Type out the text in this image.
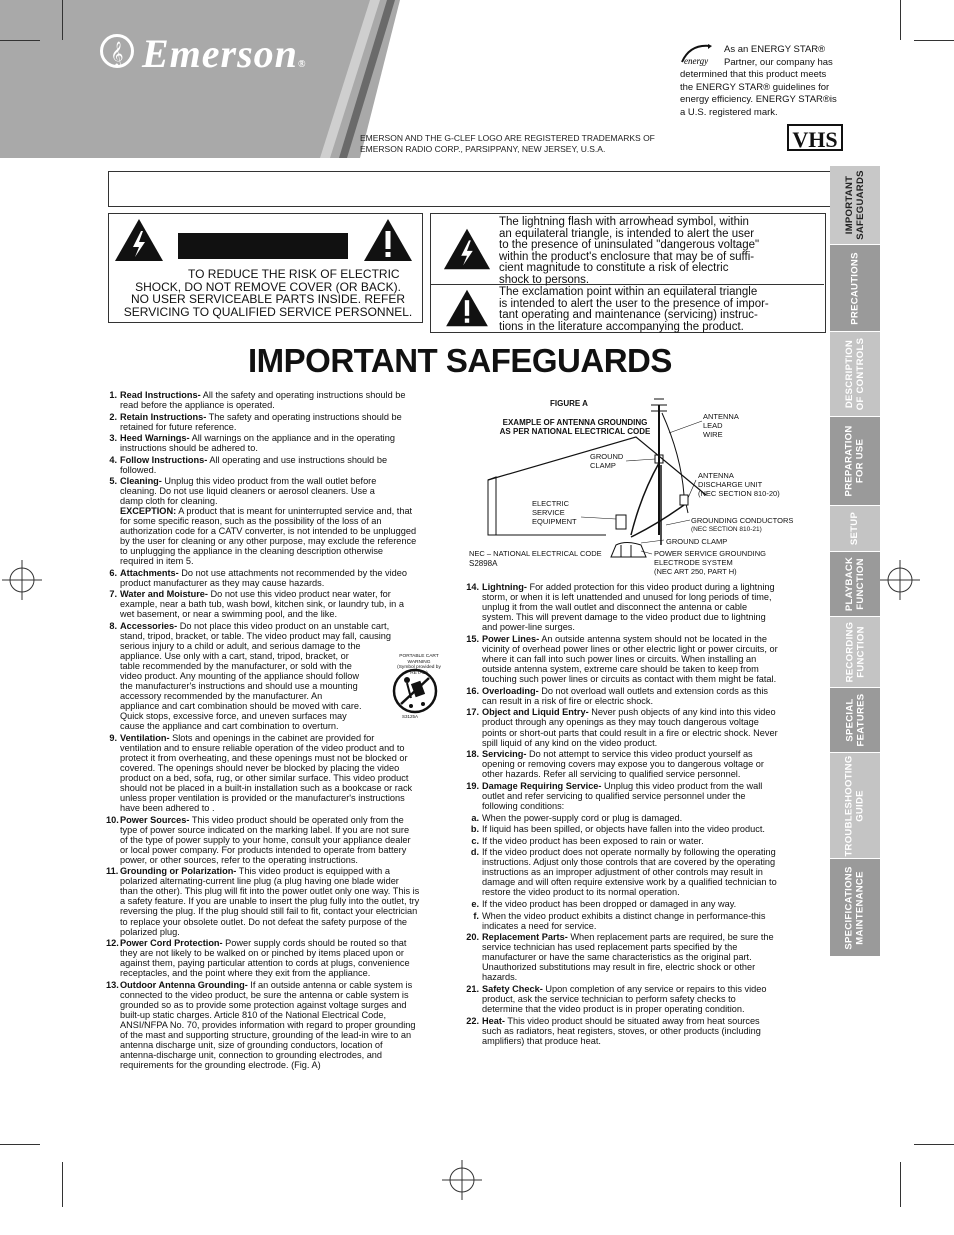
𝄞 Emerson®
EMERSON AND THE G-CLEF LOGO ARE REGISTERED TRADEMARKS OF
EMERSON RADIO CORP., PARSIPPANY, NEW JERSEY, U.S.A.
energy
As an ENERGY STAR®
Partner, our company has
determined that this product meets
the ENERGY STAR® guidelines for
energy efficiency. ENERGY STAR®is
a U.S. registered mark.
VHS
TO REDUCE THE RISK OF ELECTRIC
SHOCK, DO NOT REMOVE COVER (OR BACK).
NO USER SERVICEABLE PARTS INSIDE. REFER
SERVICING TO QUALIFIED SERVICE PERSONNEL.
The lightning flash with arrowhead symbol, within
an equilateral triangle, is intended to alert the user
to the presence of uninsulated "dangerous voltage"
within the product's enclosure that may be of suffi-
cient magnitude to constitute a risk of electric
shock to persons.
The exclamation point within an equilateral triangle
is intended to alert the user to the presence of impor-
tant operating and maintenance (servicing) instruc-
tions in the literature accompanying the product.
IMPORTANT SAFEGUARDS
1. Read Instructions- All the safety and operating instructions should be
read before the appliance is operated.
2. Retain Instructions- The safety and operating instructions should be
retained for future reference.
3. Heed Warnings- All warnings on the appliance and in the operating
instructions should be adhered to.
4. Follow Instructions- All operating and use instructions should be
followed.
5. Cleaning- Unplug this video product from the wall outlet before
cleaning. Do not use liquid cleaners or aerosol cleaners. Use a
damp cloth for cleaning.
EXCEPTION: A product that is meant for uninterrupted service and, that
for some specific reason, such as the possibility of the loss of an
authorization code for a CATV converter, is not intended to be unplugged
by the user for cleaning or any other purpose, may exclude the reference
to unplugging the appliance in the cleaning description otherwise
required in item 5.
6. Attachments- Do not use attachments not recommended by the video
product manufacturer as they may cause hazards.
7. Water and Moisture- Do not use this video product near water, for
example, near a bath tub, wash bowl, kitchen sink, or laundry tub, in a
wet basement, or near a swimming pool, and the like.
8. Accessories- Do not place this video product on an unstable cart,
stand, tripod, bracket, or table. The video product may fall, causing
serious injury to a child or adult, and serious damage to the
appliance. Use only with a cart, stand, tripod, bracket, or
table recommended by the manufacturer, or sold with the
video product. Any mounting of the appliance should follow
the manufacturer's instructions and should use a mounting
accessory recommended by the manufacturer. An
appliance and cart combination should be moved with care.
Quick stops, excessive force, and uneven surfaces may
cause the appliance and cart combination to overturn.
9. Ventilation- Slots and openings in the cabinet are provided for
ventilation and to ensure reliable operation of the video product and to
protect it from overheating, and these openings must not be blocked or
covered. The openings should never be blocked by placing the video
product on a bed, sofa, rug, or other similar surface. This video product
should not be placed in a built-in installation such as a bookcase or rack
unless proper ventilation is provided or the manufacturer's instructions
have been adhered to .
10. Power Sources- This video product should be operated only from the
type of power source indicated on the marking label. If you are not sure
of the type of power supply to your home, consult your appliance dealer
or local power company. For products intended to operate from battery
power, or other sources, refer to the operating instructions.
11. Grounding or Polarization- This video product is equipped with a
polarized alternating-current line plug (a plug having one blade wider
than the other). This plug will fit into the power outlet only one way. This is
a safety feature. If you are unable to insert the plug fully into the outlet, try
reversing the plug. If the plug should still fail to fit, contact your electrician
to replace your obsolete outlet. Do not defeat the safety purpose of the
polarized plug.
12. Power Cord Protection- Power supply cords should be routed so that
they are not likely to be walked on or pinched by items placed upon or
against them, paying particular attention to cords at plugs, convenience
receptacles, and the point where they exit from the appliance.
13. Outdoor Antenna Grounding- If an outside antenna or cable system is
connected to the video product, be sure the antenna or cable system is
grounded so as to provide some protection against voltage surges and
built-up static charges. Article 810 of the National Electrical Code,
ANSI/NFPA No. 70, provides information with regard to proper grounding
of the mast and supporting structure, grounding of the lead-in wire to an
antenna discharge unit, size of grounding conductors, location of
antenna-discharge unit, connection to grounding electrodes, and
requirements for the grounding electrode. (Fig. A)
PORTABLE CART WARNING
(Symbol provided by RETAC)
S3125A
FIGURE A
EXAMPLE OF ANTENNA GROUNDING
AS PER NATIONAL ELECTRICAL CODE
ANTENNA
LEAD
WIRE
GROUND
CLAMP
ANTENNA
DISCHARGE UNIT
(NEC SECTION 810-20)
ELECTRIC
SERVICE
EQUIPMENT	GROUNDING CONDUCTORS
(NEC SECTION 810-21)
GROUND CLAMP
NEC – NATIONAL ELECTRICAL CODE
S2898A
POWER SERVICE GROUNDING
ELECTRODE SYSTEM
(NEC ART 250, PART H)
14. Lightning- For added protection for this video product during a lightning
storm, or when it is left unattended and unused for long periods of time,
unplug it from the wall outlet and disconnect the antenna or cable
system. This will prevent damage to the video product due to lightning
and power-line surges.
15. Power Lines- An outside antenna system should not be located in the
vicinity of overhead power lines or other electric light or power circuits, or
where it can fall into such power lines or circuits. When installing an
outside antenna system, extreme care should be taken to keep from
touching such power lines or circuits as contact with them might be fatal.
16. Overloading- Do not overload wall outlets and extension cords as this
can result in a risk of fire or electric shock.
17. Object and Liquid Entry- Never push objects of any kind into this video
product through any openings as they may touch dangerous voltage
points or short-out parts that could result in a fire or electric shock. Never
spill liquid of any kind on the video product.
18. Servicing- Do not attempt to service this video product yourself as
opening or removing covers may expose you to dangerous voltage or
other hazards. Refer all servicing to qualified service personnel.
19. Damage Requiring Service- Unplug this video product from the wall
outlet and refer servicing to qualified service personnel under the
following conditions:
a. When the power-supply cord or plug is damaged.
b. If liquid has been spilled, or objects have fallen into the video product.
c. If the video product has been exposed to rain or water.
d. If the video product does not operate normally by following the operating
instructions. Adjust only those controls that are covered by the operating
instructions as an improper adjustment of other controls may result in
damage and will often require extensive work by a qualified technician to
restore the video product to its normal operation.
e. If the video product has been dropped or damaged in any way.
f. When the video product exhibits a distinct change in performance-this
indicates a need for service.
20. Replacement Parts- When replacement parts are required, be sure the
service technician has used replacement parts specified by the
manufacturer or have the same characteristics as the original part.
Unauthorized substitutions may result in fire, electric shock or other
hazards.
21. Safety Check- Upon completion of any service or repairs to this video
product, ask the service technician to perform safety checks to
determine that the video product is in proper operating condition.
22. Heat- This video product should be situated away from heat sources
such as radiators, heat registers, stoves, or other products (including
amplifiers) that produce heat.
IMPORTANT
SAFEGUARDS
PRECAUTIONS
DESCRIPTION
OF CONTROLS
PREPARATION
FOR USE
SETUP
PLAYBACK
FUNCTION
RECORDING
FUNCTION
SPECIAL
FEATURES
TROUBLESHOOTING
GUIDE
SPECIFICATIONS
MAINTENANCE
